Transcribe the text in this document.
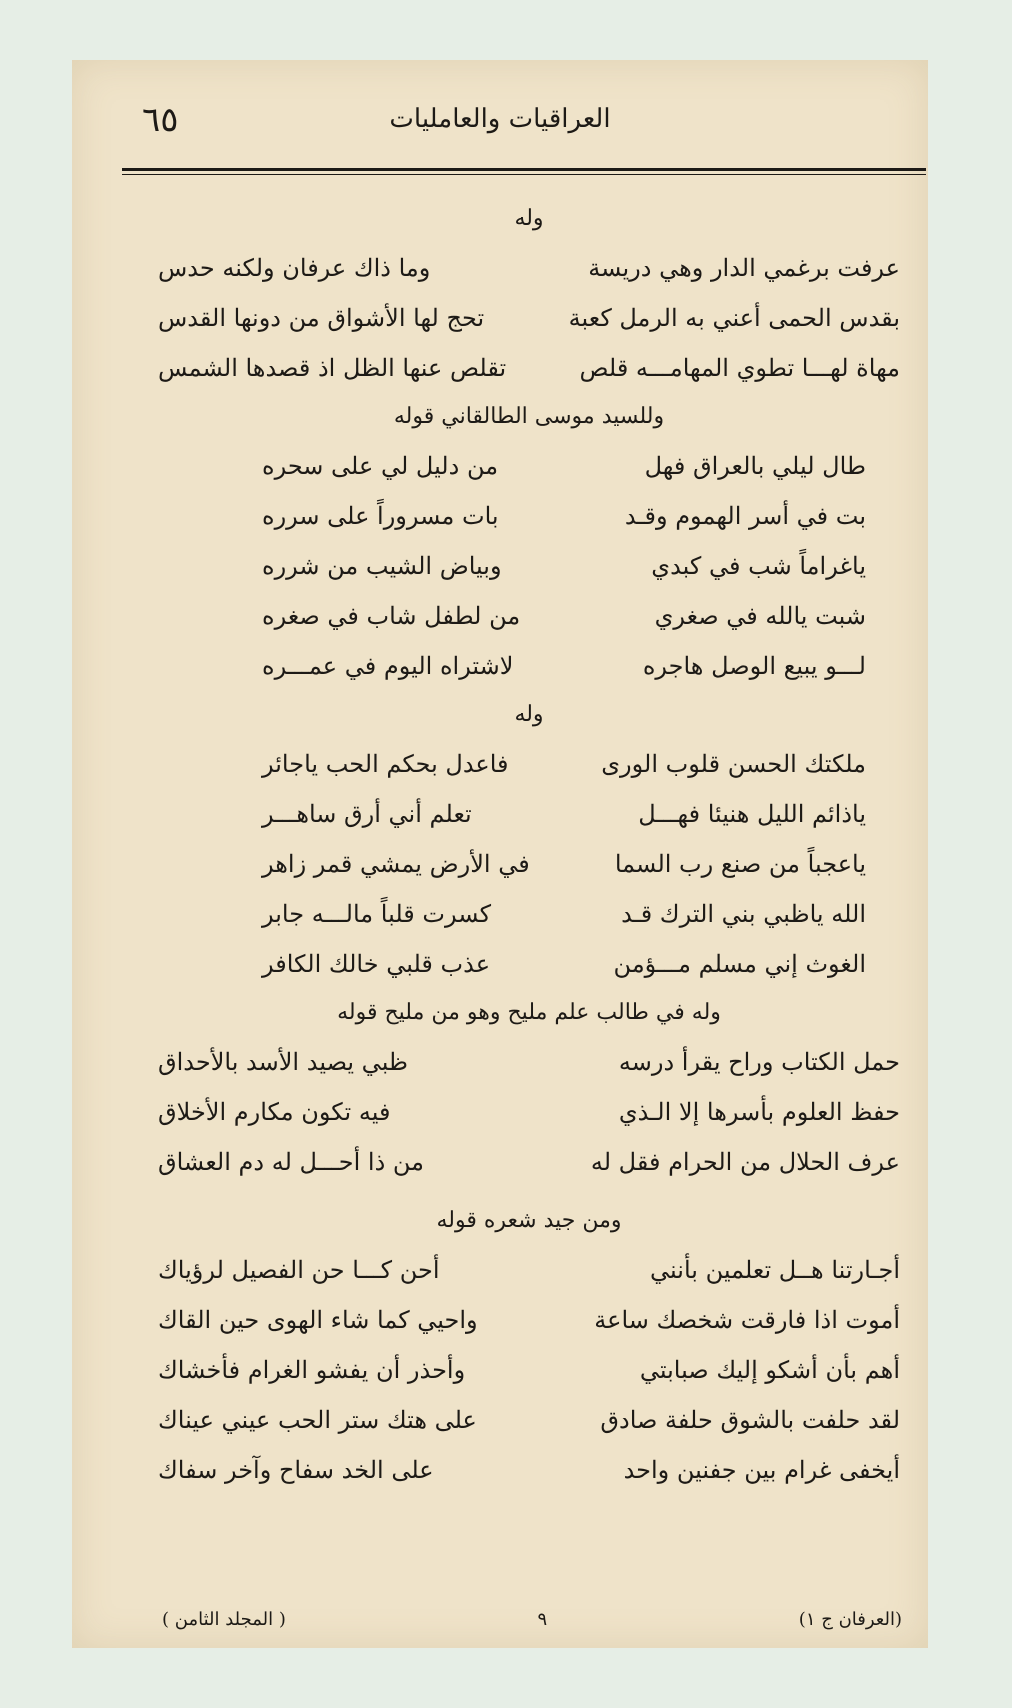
٦٥	العراقيات والعامليات
وله
عرفت برغمي الدار وهي دريسة
وما ذاك عرفان ولكنه حدس
بقدس الحمى أعني به الرمل كعبة
تحج لها الأشواق من دونها القدس
مهاة لهـــا تطوي المهامـــه قلص
تقلص عنها الظل اذ قصدها الشمس
وللسيد موسى الطالقاني قوله
طال ليلي بالعراق فهل
من دليل لي على سحره
بت في أسر الهموم وقـد
بات مسروراً على سرره
ياغراماً شب في كبدي
وبياض الشيب من شرره
شبت يالله في صغري
من لطفل شاب في صغره
لـــو يبيع الوصل هاجره
لاشتراه اليوم في عمـــره
وله
ملكتك الحسن قلوب الورى
فاعدل بحكم الحب ياجائر
ياذائم الليل هنيئا فهـــل
تعلم أني أرق ساهـــر
ياعجباً من صنع رب السما
في الأرض يمشي قمر زاهر
الله ياظبي بني الترك قـد
كسرت قلباً مالـــه جابر
الغوث إني مسلم مـــؤمن
عذب قلبي خالك الكافر
وله في طالب علم مليح وهو من مليح قوله
حمل الكتاب وراح يقرأ درسه
ظبي يصيد الأسد بالأحداق
حفظ العلوم بأسرها إلا الـذي
فيه تكون مكارم الأخلاق
عرف الحلال من الحرام فقل له
من ذا أحـــل له دم العشاق
ومن جيد شعره قوله
أجـارتنا هــل تعلمين بأنني
أحن كـــا حن الفصيل لرؤياك
أموت اذا فارقت شخصك ساعة
واحيي كما شاء الهوى حين القاك
أهم بأن أشكو إليك صبابتي
وأحذر أن يفشو الغرام فأخشاك
لقد حلفت بالشوق حلفة صادق
على هتك ستر الحب عيني عيناك
أيخفى غرام بين جفنين واحد
على الخد سفاح وآخر سفاك
(العرفان ج ١)
٩
( المجلد الثامن )
